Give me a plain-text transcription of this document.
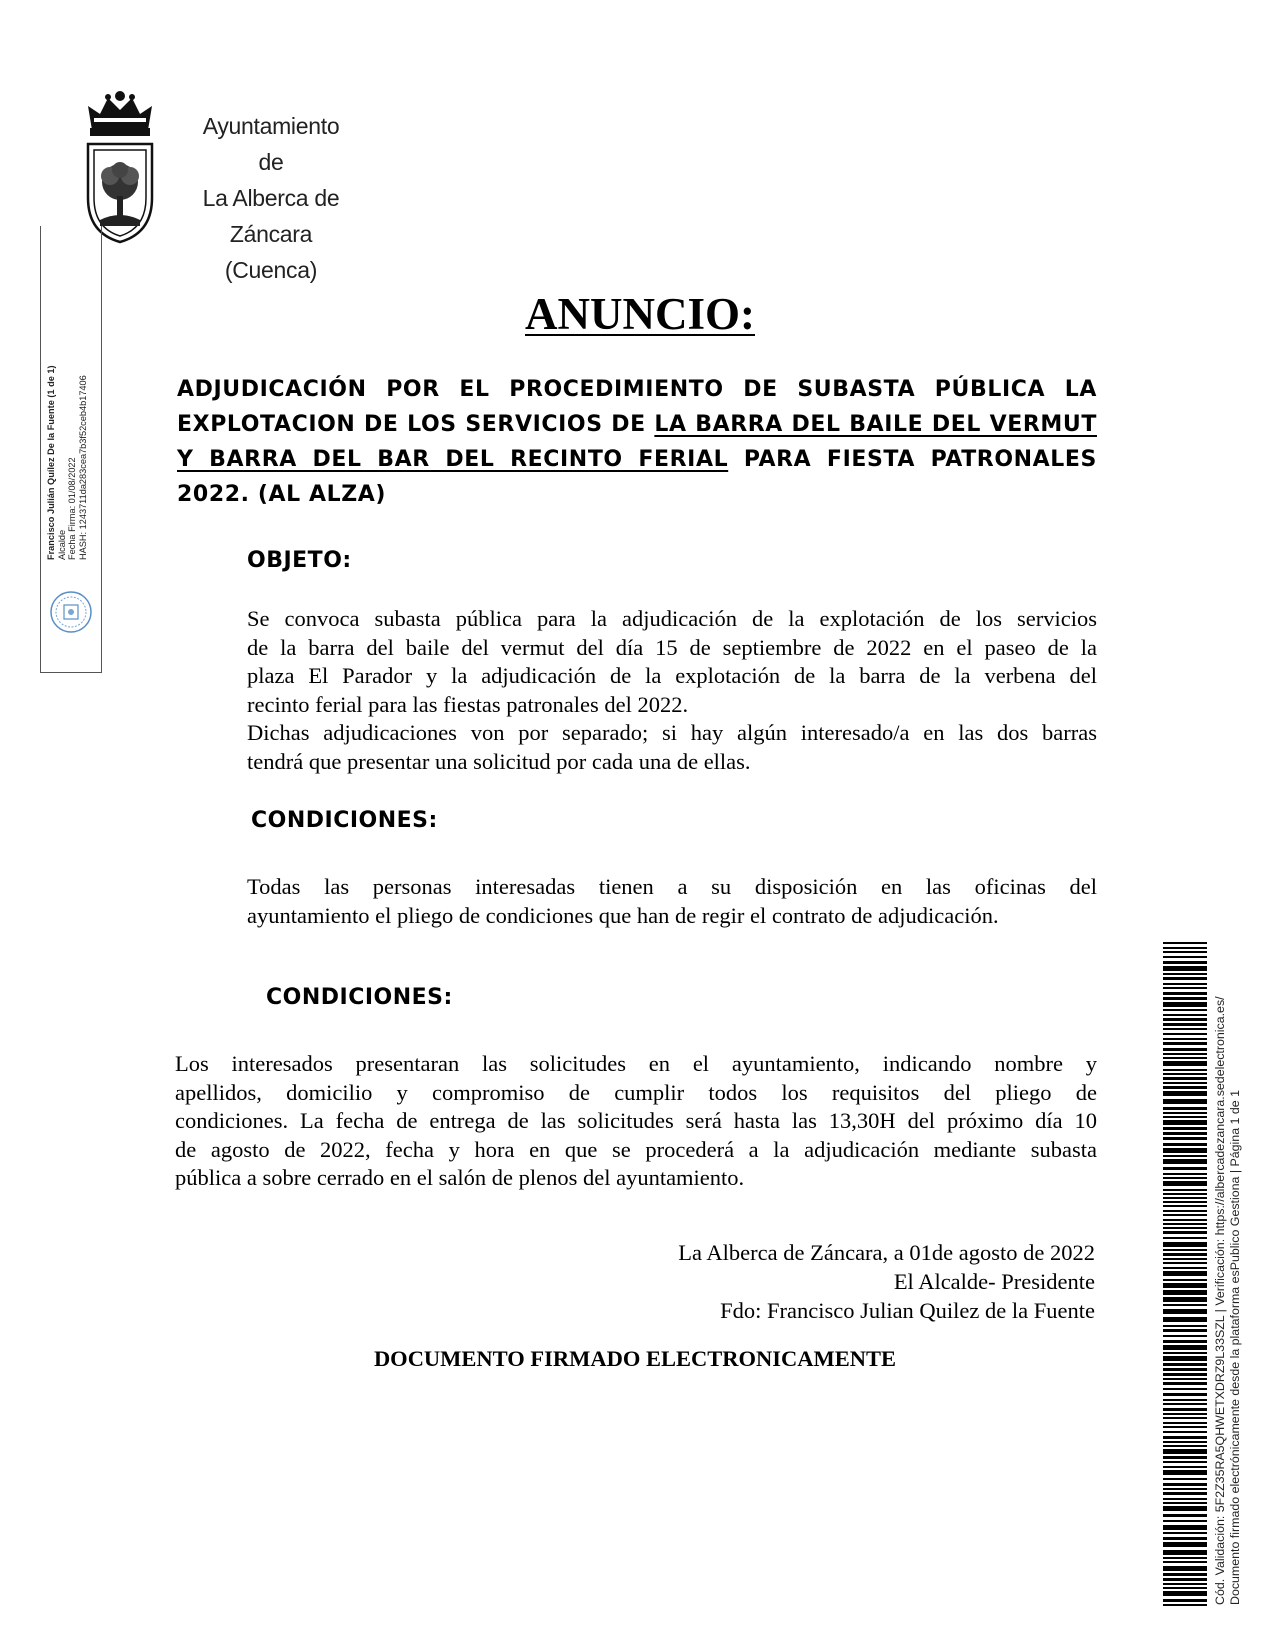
Ayuntamiento
de
La Alberca de Záncara
(Cuenca)
Francisco Julián Quílez De la Fuente (1 de 1) Alcalde Fecha Firma: 01/08/2022 HASH: 1243711da283cea7b3f52ceb4b17406
ANUNCIO:
ADJUDICACIÓN POR EL PROCEDIMIENTO DE SUBASTA PÚBLICA LA EXPLOTACION DE LOS SERVICIOS DE LA BARRA DEL BAILE DEL VERMUT Y BARRA DEL BAR DEL RECINTO FERIAL PARA FIESTA PATRONALES 2022. (AL ALZA)
OBJETO:
Se convoca subasta pública para la adjudicación de la explotación de los servicios
de la barra del baile del vermut del día 15 de septiembre de 2022 en el paseo de la
plaza El Parador y la adjudicación de la explotación de la barra de la verbena del
recinto ferial para las fiestas patronales del 2022.
Dichas adjudicaciones von por separado; si hay algún interesado/a en las dos barras
tendrá que presentar una solicitud por cada una de ellas.
CONDICIONES:
Todas las personas interesadas tienen a su disposición en las oficinas del
ayuntamiento el pliego de condiciones que han de regir el contrato de adjudicación.
CONDICIONES:
Los interesados presentaran las solicitudes en el ayuntamiento, indicando nombre y
apellidos, domicilio y compromiso de cumplir todos los requisitos del pliego de
condiciones. La fecha de entrega de las solicitudes será hasta las 13,30H del próximo día 10
de agosto de 2022, fecha y hora en que se procederá a la adjudicación mediante subasta
pública a sobre cerrado en el salón de plenos del ayuntamiento.
La Alberca de Záncara, a 01de agosto de 2022
El Alcalde- Presidente
Fdo: Francisco Julian Quilez de la Fuente
DOCUMENTO FIRMADO ELECTRONICAMENTE	Cód. Validación: 5F2Z35RA5QHWETXDRZ9L33SZL | Verificación: https://albercadezancara.sedelectronica.es/ Documento firmado electrónicamente desde la plataforma esPublico Gestiona | Página 1 de 1
